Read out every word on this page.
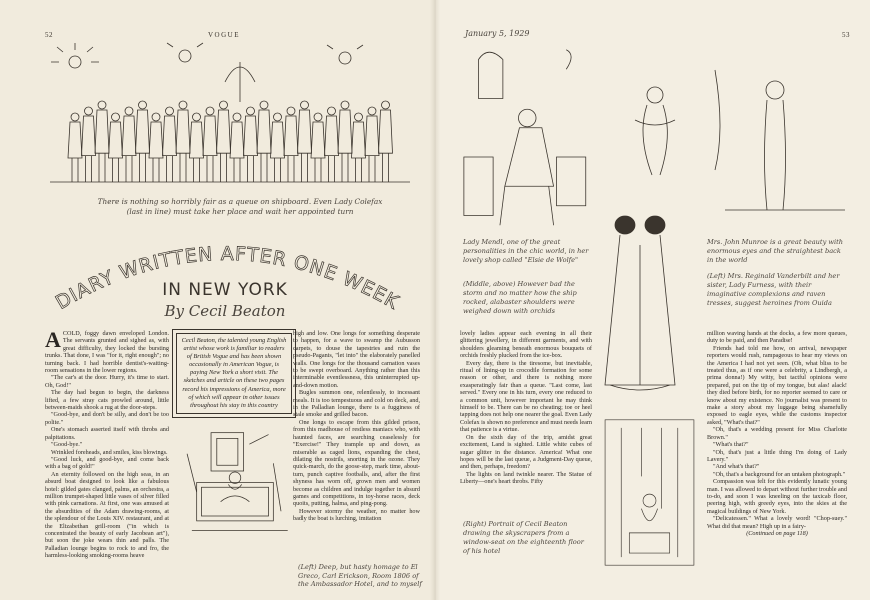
52	VOGUE
There is nothing so horribly fair as a queue on shipboard. Even Lady Colefax (last in line) must take her place and wait her appointed turn
DIARY WRITTEN AFTER ONE WEEK
IN NEW YORK
By Cecil Beaton

ACOLD, foggy dawn enveloped London. The servants grunted and sighed as, with great difficulty, they locked the bursting trunks. That done, I was "for it, right enough"; no turning back. I had horrible dentist's-waiting-room sensations in the lower regions.

"The car's at the door. Hurry, it's time to start. Oh, God!"

The day had begun to begin, the darkness lifted, a few stray cats prowled around, little between-maids shook a rug at the door-steps.

"Good-bye, and don't be silly, and don't be too polite."

One's stomach asserted itself with throbs and palpitations.

"Good-bye."

Wrinkled foreheads, and smiles, kiss blowings.

"Good luck, and good-bye, and come back with a bag of gold!"

An eternity followed on the high seas, in an absurd boat designed to look like a fabulous hotel: gilded gates clanged, palms, an orchestra, a million trumpet-shaped little vases of silver filled with pink carnations. At first, one was amused at the absurdities of the Adam drawing-rooms, at the splendour of the Louis XIV. restaurant, and at the Elizabethan grill-room ("in which is concentrated the beauty of early Jacobean art"), but soon the joke wears thin and palls. The Palladian lounge begins to rock to and fro, the harmless-looking smoking-rooms heave

Cecil Beaton, the talented young English artist whose work is familiar to readers of British Vogue and has been shown occasionally in American Vogue, is paying New York a short visit. The sketches and article on these two pages record his impressions of America, more of which will appear in other issues throughout his stay in this country

high and low. One longs for something desperate to happen, for a wave to swamp the Aubusson carpets, to douse the tapestries and ruin the pseudo-Paganis, "let into" the elaborately panelled walls. One longs for the thousand carnation vases to be swept overboard. Anything rather than this interminable eventlessness, this uninterrupted up-and-down motion.

Bugles summon one, relentlessly, to incessant meals. It is too tempestuous and cold on deck, and, in the Palladian lounge, there is a fugginess of stale smoke and grilled bacon.

One longs to escape from this gilded prison, from this madhouse of restless maniacs who, with haunted faces, are searching ceaselessly for "Exercise!" They trample up and down, as miserable as caged lions, expanding the chest, dilating the nostrils, snorting in the ozone. They quick-march, do the goose-step, mark time, about-turn, punch captive footballs, and, after the first shyness has worn off, grown men and women become as children and indulge together in absurd games and competitions, in toy-horse races, deck quoits, putting, halma, and ping-pong.

However stormy the weather, no matter how badly the boat is lurching, imitation

(Left) Deep, but hasty homage to El Greco, Carl Erickson, Room 1806 of the Ambassador Hotel, and to myself
January 5, 1929	53
Lady Mendl, one of the great personalities in the chic world, in her lovely shop called "Elsie de Wolfe"
(Middle, above) However bad the storm and no matter how the ship rocked, alabaster shoulders were weighed down with orchids
Mrs. John Munroe is a great beauty with enormous eyes and the straightest back in the world
(Left) Mrs. Reginald Vanderbilt and her sister, Lady Furness, with their imaginative complexions and raven tresses, suggest heroines from Ouida

lovely ladies appear each evening in all their glittering jewellery, in different garments, and with shoulders gleaming beneath enormous bouquets of orchids freshly plucked from the ice-box.

Every day, there is the tiresome, but inevitable, ritual of lining-up in crocodile formation for some reason or other, and there is nothing more exasperatingly fair than a queue. "Last come, last served." Every one in his turn, every one reduced to a common unit, however important he may think himself to be. There can be no cheating; toe or heel tapping does not help one nearer the goal. Even Lady Colefax is shown no preference and must needs learn that patience is a virtue.

On the sixth day of the trip, amidst great excitement, Land is sighted. Little white cubes of sugar glitter in the distance. America! What one hopes will be the last queue, a Judgment-Day queue, and then, perhaps, freedom?

The lights on land twinkle nearer. The Statue of Liberty—one's heart throbs. Fifty

(Right) Portrait of Cecil Beaton drawing the skyscrapers from a window-seat on the eighteenth floor of his hotel

million waving hands at the docks, a few more queues, duty to be paid, and then Paradise!

Friends had told me how, on arrival, newspaper reporters would rush, rampageous to hear my views on the America I had not yet seen. (Oh, what bliss to be treated thus, as if one were a celebrity, a Lindbergh, a prima donna!) My witty, but tactful opinions were prepared, put on the tip of my tongue, but alas! alack! they died before birth, for no reporter seemed to care or know about my existence. No journalist was present to make a story about my luggage being shamefully exposed to eagle eyes, while the customs inspector asked, "What's that?"

"Oh, that's a wedding present for Miss Charlotte Brown."

"What's that?"

"Oh, that's just a little thing I'm doing of Lady Lavery."

"And what's that?"

"Oh, that's a background for an untaken photograph."

Compassion was felt for this evidently lunatic young man. I was allowed to depart without further trouble and to-do, and soon I was kneeling on the taxicab floor, peering high, with greedy eyes, into the skies at the magical buildings of New York.

"Delicatessen." What a lovely word! "Chop-suey." What did that mean? High up in a fairy-

(Continued on page 118)
